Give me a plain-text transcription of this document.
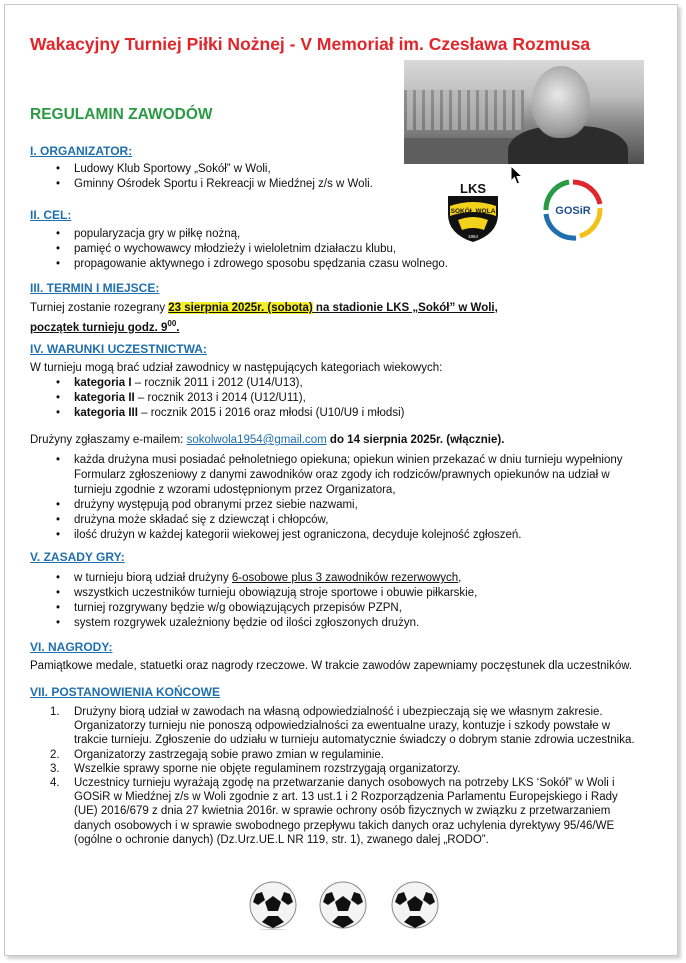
Wakacyjny Turniej Piłki Nożnej - V Memoriał im. Czesława Rozmusa
REGULAMIN ZAWODÓW
LKS
SOKÓŁ WOLA
1954
GOSiR
I. ORGANIZATOR:
• Ludowy Klub Sportowy „Sokół” w Woli,
• Gminny Ośrodek Sportu i Rekreacji w Miedźnej z/s w Woli.
II. CEL:
• popularyzacja gry w piłkę nożną,
• pamięć o wychowawcy młodzieży i wieloletnim działaczu klubu,
• propagowanie aktywnego i zdrowego sposobu spędzania czasu wolnego.
III. TERMIN I MIEJSCE:
Turniej zostanie rozegrany 23 sierpnia 2025r. (sobota) na stadionie LKS „Sokół” w Woli,
początek turnieju godz. $9^{00}$.
IV. WARUNKI UCZESTNICTWA:
W turnieju mogą brać udział zawodnicy w następujących kategoriach wiekowych:
• kategoria I – rocznik 2011 i 2012 (U14/U13),
• kategoria II – rocznik 2013 i 2014 (U12/U11),
• kategoria III – rocznik 2015 i 2016 oraz młodsi (U10/U9 i młodsi)
Drużyny zgłaszamy e-mailem: sokolwola1954@gmail.com do 14 sierpnia 2025r. (włącznie).
• każda drużyna musi posiadać pełnoletniego opiekuna; opiekun winien przekazać w dniu turnieju wypełniony Formularz zgłoszeniowy z danymi zawodników oraz zgody ich rodziców/prawnych opiekunów na udział w turnieju zgodnie z wzorami udostępnionym przez Organizatora,
• drużyny występują pod obranymi przez siebie nazwami,
• drużyna może składać się z dziewcząt i chłopców,
• ilość drużyn w każdej kategorii wiekowej jest ograniczona, decyduje kolejność zgłoszeń.
V. ZASADY GRY:
• w turnieju biorą udział drużyny 6-osobowe plus 3 zawodników rezerwowych,
• wszystkich uczestników turnieju obowiązują stroje sportowe i obuwie piłkarskie,
• turniej rozgrywany będzie w/g obowiązujących przepisów PZPN,
• system rozgrywek uzależniony będzie od ilości zgłoszonych drużyn.
VI. NAGRODY:
Pamiątkowe medale, statuetki oraz nagrody rzeczowe. W trakcie zawodów zapewniamy poczęstunek dla uczestników.
VII. POSTANOWIENIA KOŃCOWE
1. Drużyny biorą udział w zawodach na własną odpowiedzialność i ubezpieczają się we własnym zakresie. Organizatorzy turnieju nie ponoszą odpowiedzialności za ewentualne urazy, kontuzje i szkody powstałe w trakcie turnieju. Zgłoszenie do udziału w turnieju automatycznie świadczy o dobrym stanie zdrowia uczestnika.
2. Organizatorzy zastrzegają sobie prawo zmian w regulaminie.
3. Wszelkie sprawy sporne nie objęte regulaminem rozstrzygają organizatorzy.
4. Uczestnicy turnieju wyrażają zgodę na przetwarzanie danych osobowych na potrzeby LKS ‘Sokół” w Woli i GOSiR w Miedźnej z/s w Woli zgodnie z art. 13 ust.1 i 2 Rozporządzenia Parlamentu Europejskiego i Rady (UE) 2016/679 z dnia 27 kwietnia 2016r. w sprawie ochrony osób fizycznych w związku z przetwarzaniem danych osobowych i w sprawie swobodnego przepływu takich danych oraz uchylenia dyrektywy 95/46/WE (ogólne o ochronie danych) (Dz.Urz.UE.L NR 119, str. 1), zwanego dalej „RODO”.
